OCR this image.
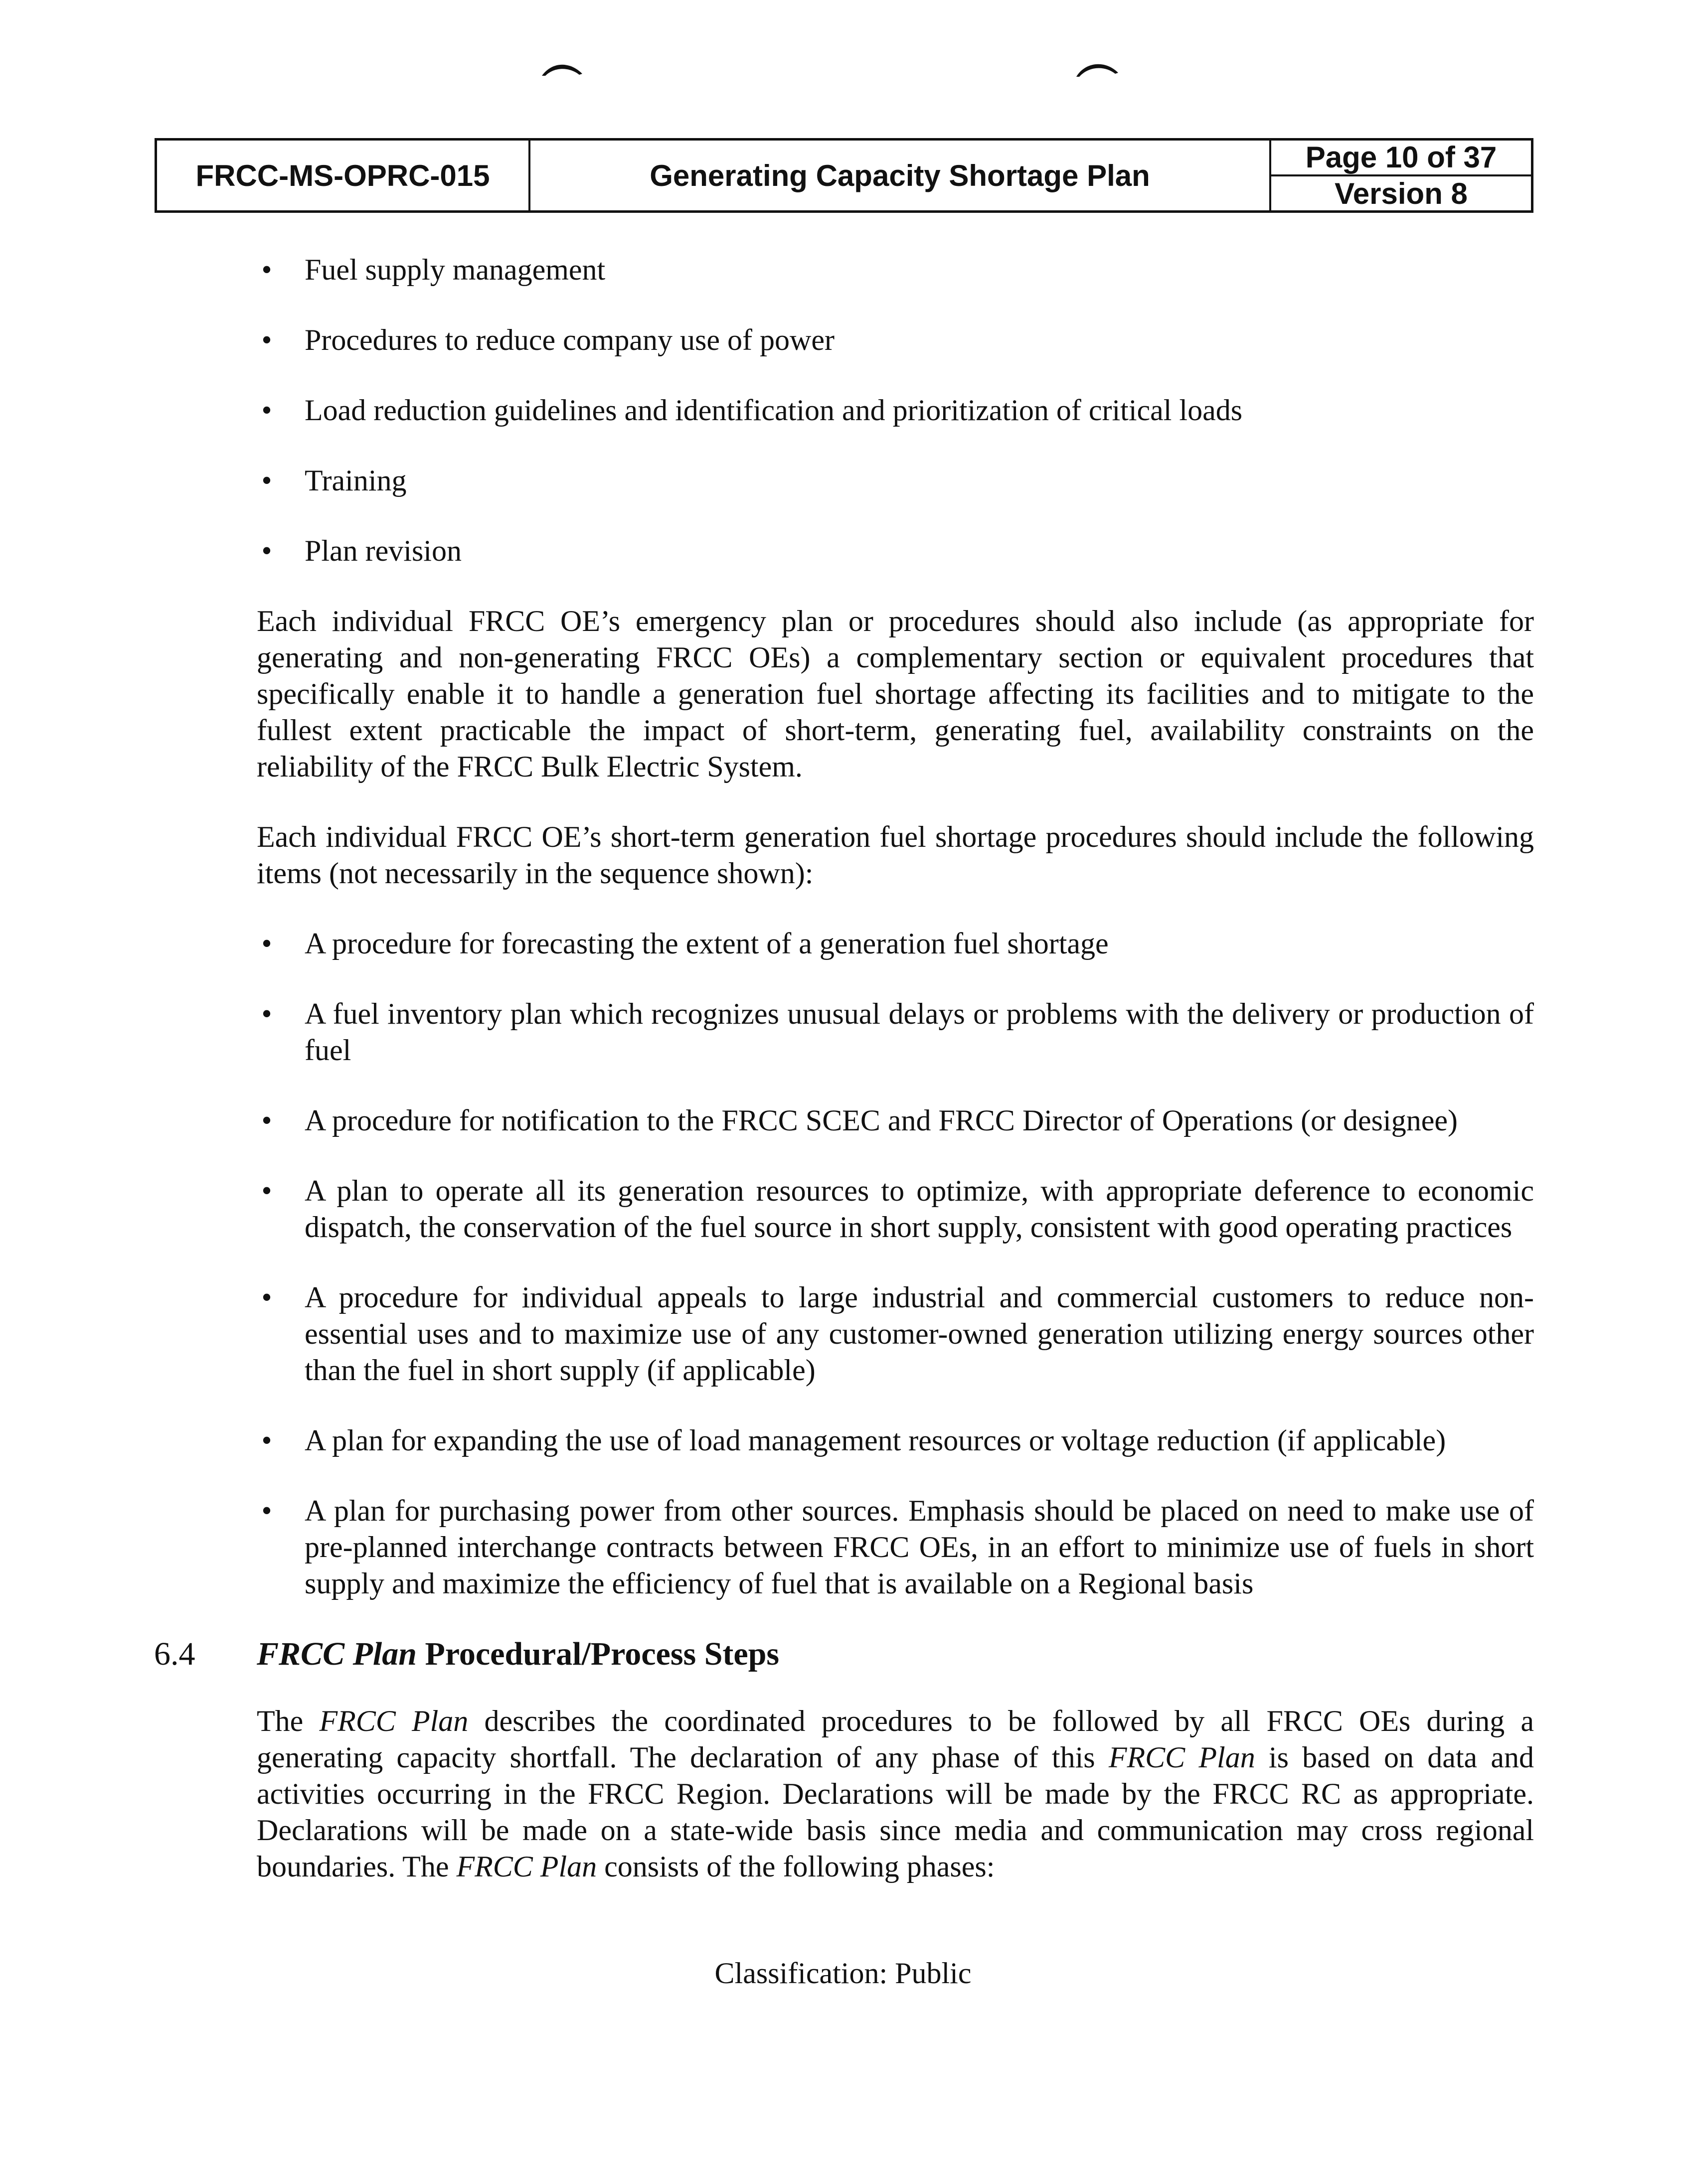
FRCC-MS-OPRC-015	Generating Capacity Shortage Plan
Page 10 of 37
Version 8
• Fuel supply management
• Procedures to reduce company use of power
• Load reduction guidelines and identification and prioritization of critical loads
• Training
• Plan revision

Each individual FRCC OE’s emergency plan or procedures should also include (as appropriate for generating and non-generating FRCC OEs) a complementary section or equivalent procedures that specifically enable it to handle a generation fuel shortage affecting its facilities and to mitigate to the fullest extent practicable the impact of short-term, generating fuel, availability constraints on the reliability of the FRCC Bulk Electric System.

Each individual FRCC OE’s short-term generation fuel shortage procedures should include the following items (not necessarily in the sequence shown):

• A procedure for forecasting the extent of a generation fuel shortage
• A fuel inventory plan which recognizes unusual delays or problems with the delivery or production of fuel
• A procedure for notification to the FRCC SCEC and FRCC Director of Operations (or designee)
• A plan to operate all its generation resources to optimize, with appropriate deference to economic dispatch, the conservation of the fuel source in short supply, consistent with good operating practices
• A procedure for individual appeals to large industrial and commercial customers to reduce non-essential uses and to maximize use of any customer-owned generation utilizing energy sources other than the fuel in short supply (if applicable)
• A plan for expanding the use of load management resources or voltage reduction (if applicable)
• A plan for purchasing power from other sources. Emphasis should be placed on need to make use of pre-planned interchange contracts between FRCC OEs, in an effort to minimize use of fuels in short supply and maximize the efficiency of fuel that is available on a Regional basis
6.4 FRCC Plan Procedural/Process Steps

The FRCC Plan describes the coordinated procedures to be followed by all FRCC OEs during a generating capacity shortfall. The declaration of any phase of this FRCC Plan is based on data and activities occurring in the FRCC Region. Declarations will be made by the FRCC RC as appropriate. Declarations will be made on a state-wide basis since media and communication may cross regional boundaries. The FRCC Plan consists of the following phases:

Classification: Public
